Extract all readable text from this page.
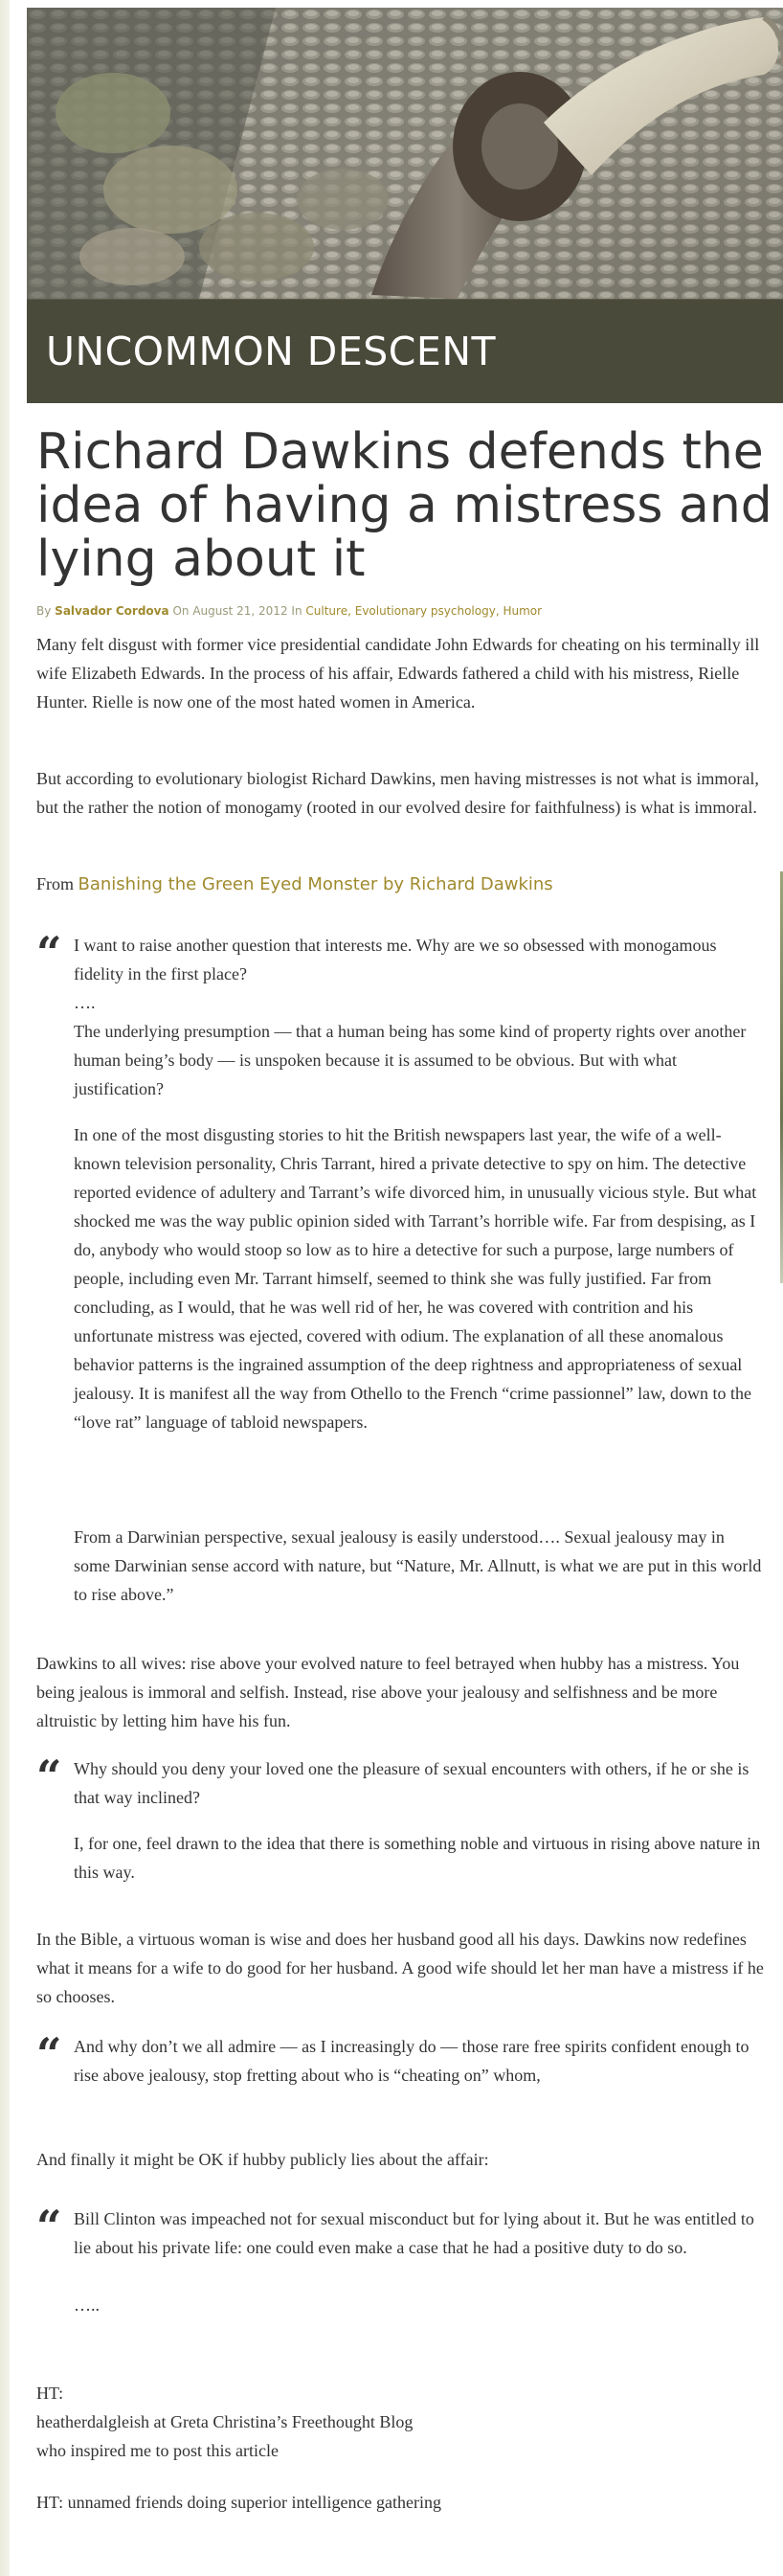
UNCOMMON DESCENT
Richard Dawkins defends the idea of having a mistress and lying about it
By Salvador Cordova On August 21, 2012 In Culture, Evolutionary psychology, Humor

Many felt disgust with former vice presidential candidate John Edwards for cheating on his terminally ill wife Elizabeth Edwards. In the process of his affair, Edwards fathered a child with his mistress, Rielle Hunter. Rielle is now one of the most hated women in America.

But according to evolutionary biologist Richard Dawkins, men having mistresses is not what is immoral, but the rather the notion of monogamy (rooted in our evolved desire for faithfulness) is what is immoral.

From Banishing the Green Eyed Monster by Richard Dawkins

“ I want to raise another question that interests me. Why are we so obsessed with monogamous fidelity in the first place?

….

The underlying presumption — that a human being has some kind of property rights over another human being’s body — is unspoken because it is assumed to be obvious. But with what justification?

In one of the most disgusting stories to hit the British newspapers last year, the wife of a well-known television personality, Chris Tarrant, hired a private detective to spy on him. The detective reported evidence of adultery and Tarrant’s wife divorced him, in unusually vicious style. But what shocked me was the way public opinion sided with Tarrant’s horrible wife. Far from despising, as I do, anybody who would stoop so low as to hire a detective for such a purpose, large numbers of people, including even Mr. Tarrant himself, seemed to think she was fully justified. Far from concluding, as I would, that he was well rid of her, he was covered with contrition and his unfortunate mistress was ejected, covered with odium. The explanation of all these anomalous behavior patterns is the ingrained assumption of the deep rightness and appropriateness of sexual jealousy. It is manifest all the way from Othello to the French “crime passionnel” law, down to the “love rat” language of tabloid newspapers.

From a Darwinian perspective, sexual jealousy is easily understood…. Sexual jealousy may in some Darwinian sense accord with nature, but “Nature, Mr. Allnutt, is what we are put in this world to rise above.”

Dawkins to all wives: rise above your evolved nature to feel betrayed when hubby has a mistress. You being jealous is immoral and selfish. Instead, rise above your jealousy and selfishness and be more altruistic by letting him have his fun.

“ Why should you deny your loved one the pleasure of sexual encounters with others, if he or she is that way inclined?

I, for one, feel drawn to the idea that there is something noble and virtuous in rising above nature in this way.

In the Bible, a virtuous woman is wise and does her husband good all his days. Dawkins now redefines what it means for a wife to do good for her husband. A good wife should let her man have a mistress if he so chooses.

“ And why don’t we all admire — as I increasingly do — those rare free spirits confident enough to rise above jealousy, stop fretting about who is “cheating on” whom,

And finally it might be OK if hubby publicly lies about the affair:

“ Bill Clinton was impeached not for sexual misconduct but for lying about it. But he was entitled to lie about his private life: one could even make a case that he had a positive duty to do so.

…..

HT:

heatherdalgleish at Greta Christina’s Freethought Blog

who inspired me to post this article

HT: unnamed friends doing superior intelligence gathering
